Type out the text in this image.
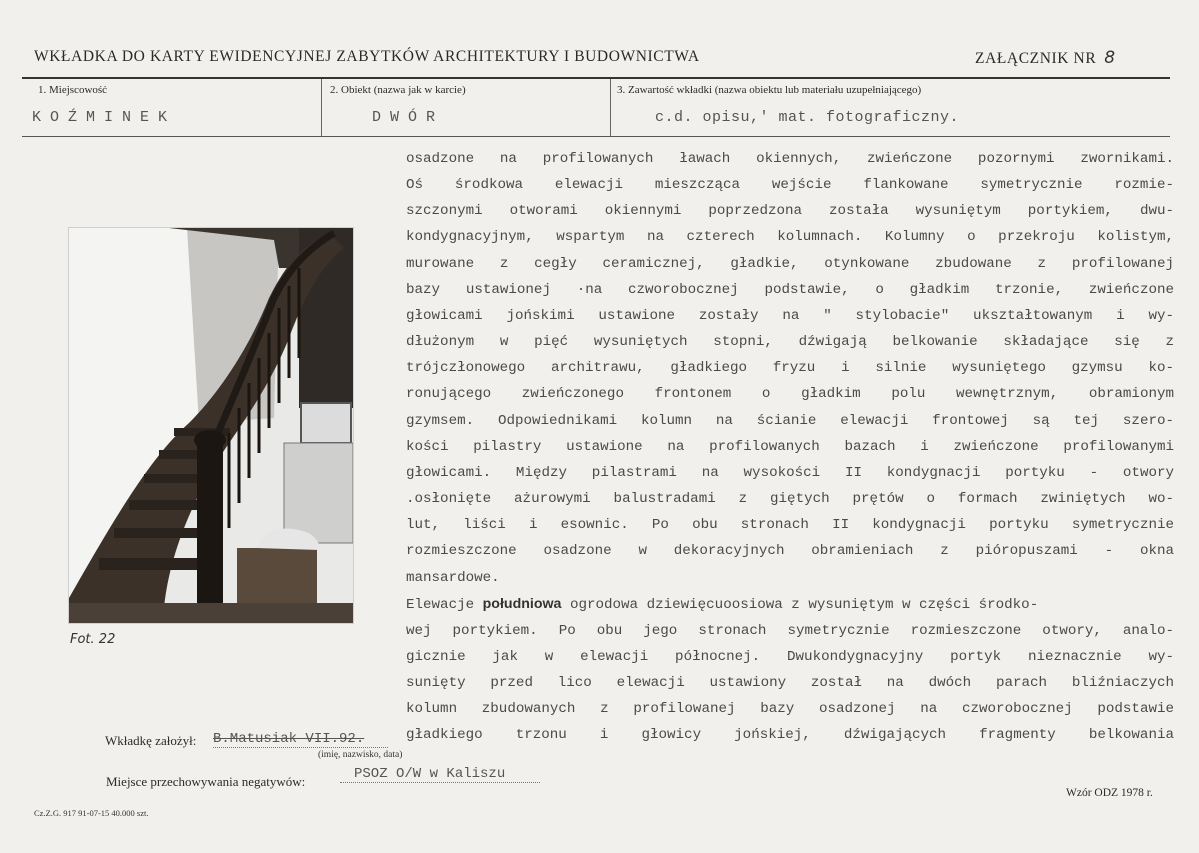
WKŁADKA DO KARTY EWIDENCYJNEJ ZABYTKÓW ARCHITEKTURY I BUDOWNICTWA	ZAŁĄCZNIK NR 8
1. Miejscowość	2. Obiekt (nazwa jak w karcie)	3. Zawartość wkładki (nazwa obiektu lub materiału uzupełniającego)
KOŹMINEK	DWÓR	c.d. opisu,' mat. fotograficzny.
Fot. 22
osadzone na profilowanych ławach okiennych, zwieńczone pozornymi zwornikami.
Oś środkowa elewacji mieszcząca wejście flankowane symetrycznie rozmie-
szczonymi otworami okiennymi poprzedzona została wysuniętym portykiem, dwu-
kondygnacyjnym, wspartym na czterech kolumnach. Kolumny o przekroju kolistym,
murowane z cegły ceramicznej, gładkie, otynkowane zbudowane z profilowanej
bazy ustawionej ·na czworobocznej podstawie, o gładkim trzonie, zwieńczone
głowicami jońskimi ustawione zostały na " stylobacie" ukształtowanym i wy-
dłużonym w pięć wysuniętych stopni, dźwigają belkowanie składające się z
trójczłonowego architrawu, gładkiego fryzu i silnie wysuniętego gzymsu ko-
ronującego zwieńczonego frontonem o gładkim polu wewnętrznym, obramionym
gzymsem. Odpowiednikami kolumn na ścianie elewacji frontowej są tej szero-
kości pilastry ustawione na profilowanych bazach i zwieńczone profilowanymi
głowicami. Między pilastrami na wysokości II kondygnacji portyku - otwory
.osłonięte ażurowymi balustradami z giętych prętów o formach zwiniętych wo-
lut, liści i esownic. Po obu stronach II kondygnacji portyku symetrycznie
rozmieszczone osadzone w dekoracyjnych obramieniach z pióropuszami - okna
mansardowe.
Elewacje południowa ogrodowa dziewięcuoosiowa z wysuniętym w części środko-
wej portykiem. Po obu jego stronach symetrycznie rozmieszczone otwory, analo-
gicznie jak w elewacji północnej. Dwukondygnacyjny portyk nieznacznie wy-
sunięty przed lico elewacji ustawiony został na dwóch parach bliźniaczych
kolumn zbudowanych z profilowanej bazy osadzonej na czworobocznej podstawie
gładkiego trzonu i głowicy jońskiej, dźwigających fragmenty belkowania
Wkładkę założył: B.Matusiak VII.92.
(imię, nazwisko, data)
Miejsce przechowywania negatywów:	PSOZ O/W w Kaliszu
Cz.Z.G. 917 91-07-15 40.000 szt.
Wzór ODZ 1978 r.
